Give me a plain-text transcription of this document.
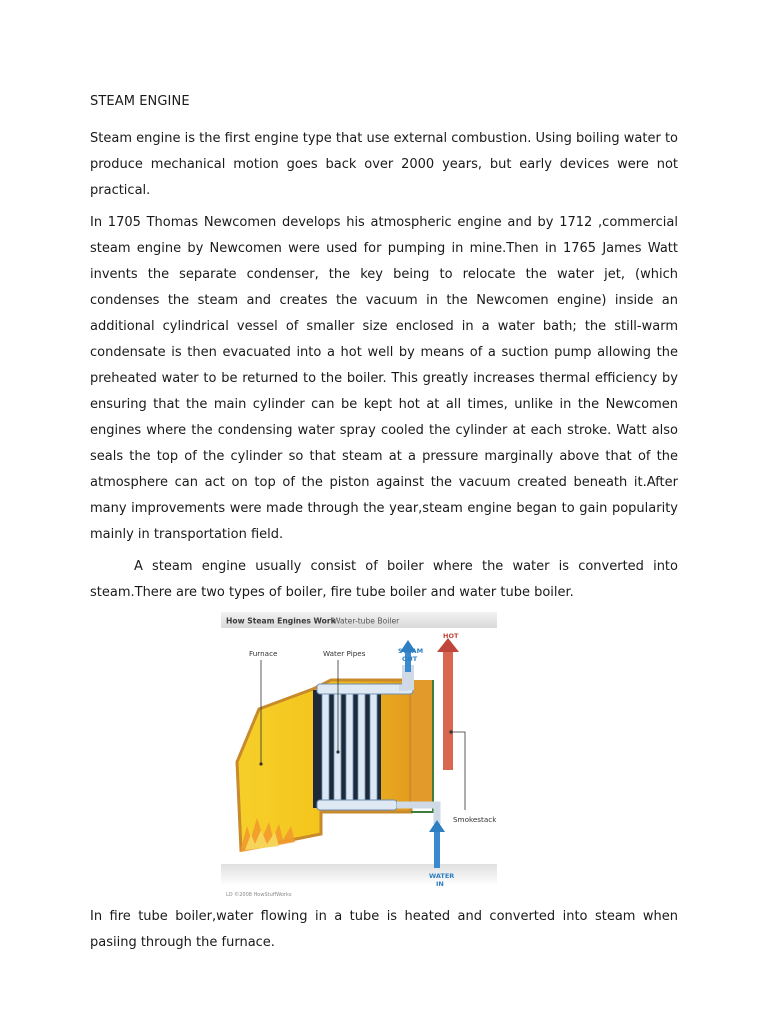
STEAM ENGINE

Steam engine is the first engine type that use external combustion. Using boiling water to produce mechanical motion goes back over 2000 years, but early devices were not practical.

In 1705 Thomas Newcomen develops his atmospheric engine and by 1712 ,commercial steam engine by Newcomen were used for pumping in mine.Then in 1765 James Watt invents the separate condenser, the key being to relocate the water jet, (which condenses the steam and creates the vacuum in the Newcomen engine) inside an additional cylindrical vessel of smaller size enclosed in a water bath; the still-warm condensate is then evacuated into a hot well by means of a suction pump allowing the preheated water to be returned to the boiler. This greatly increases thermal efficiency by ensuring that the main cylinder can be kept hot at all times, unlike in the Newcomen engines where the condensing water spray cooled the cylinder at each stroke. Watt also seals the top of the cylinder so that steam at a pressure marginally above that of the atmosphere can act on top of the piston against the vacuum created beneath it.After many improvements were made through the year,steam engine began to gain popularity mainly in transportation field.

A steam engine usually consist of boiler where the water is converted into steam.There are two types of boiler, fire tube boiler and water tube boiler.

How Steam Engines Work
Water-tube Boiler
Furnace	Water Pipes	STEAM
OUT
HOT
Smokestack
WATER
IN
LD ©2008 HowStuffWorks

In fire tube boiler,water flowing in a tube is heated and converted into steam when pasiing through the furnace.
